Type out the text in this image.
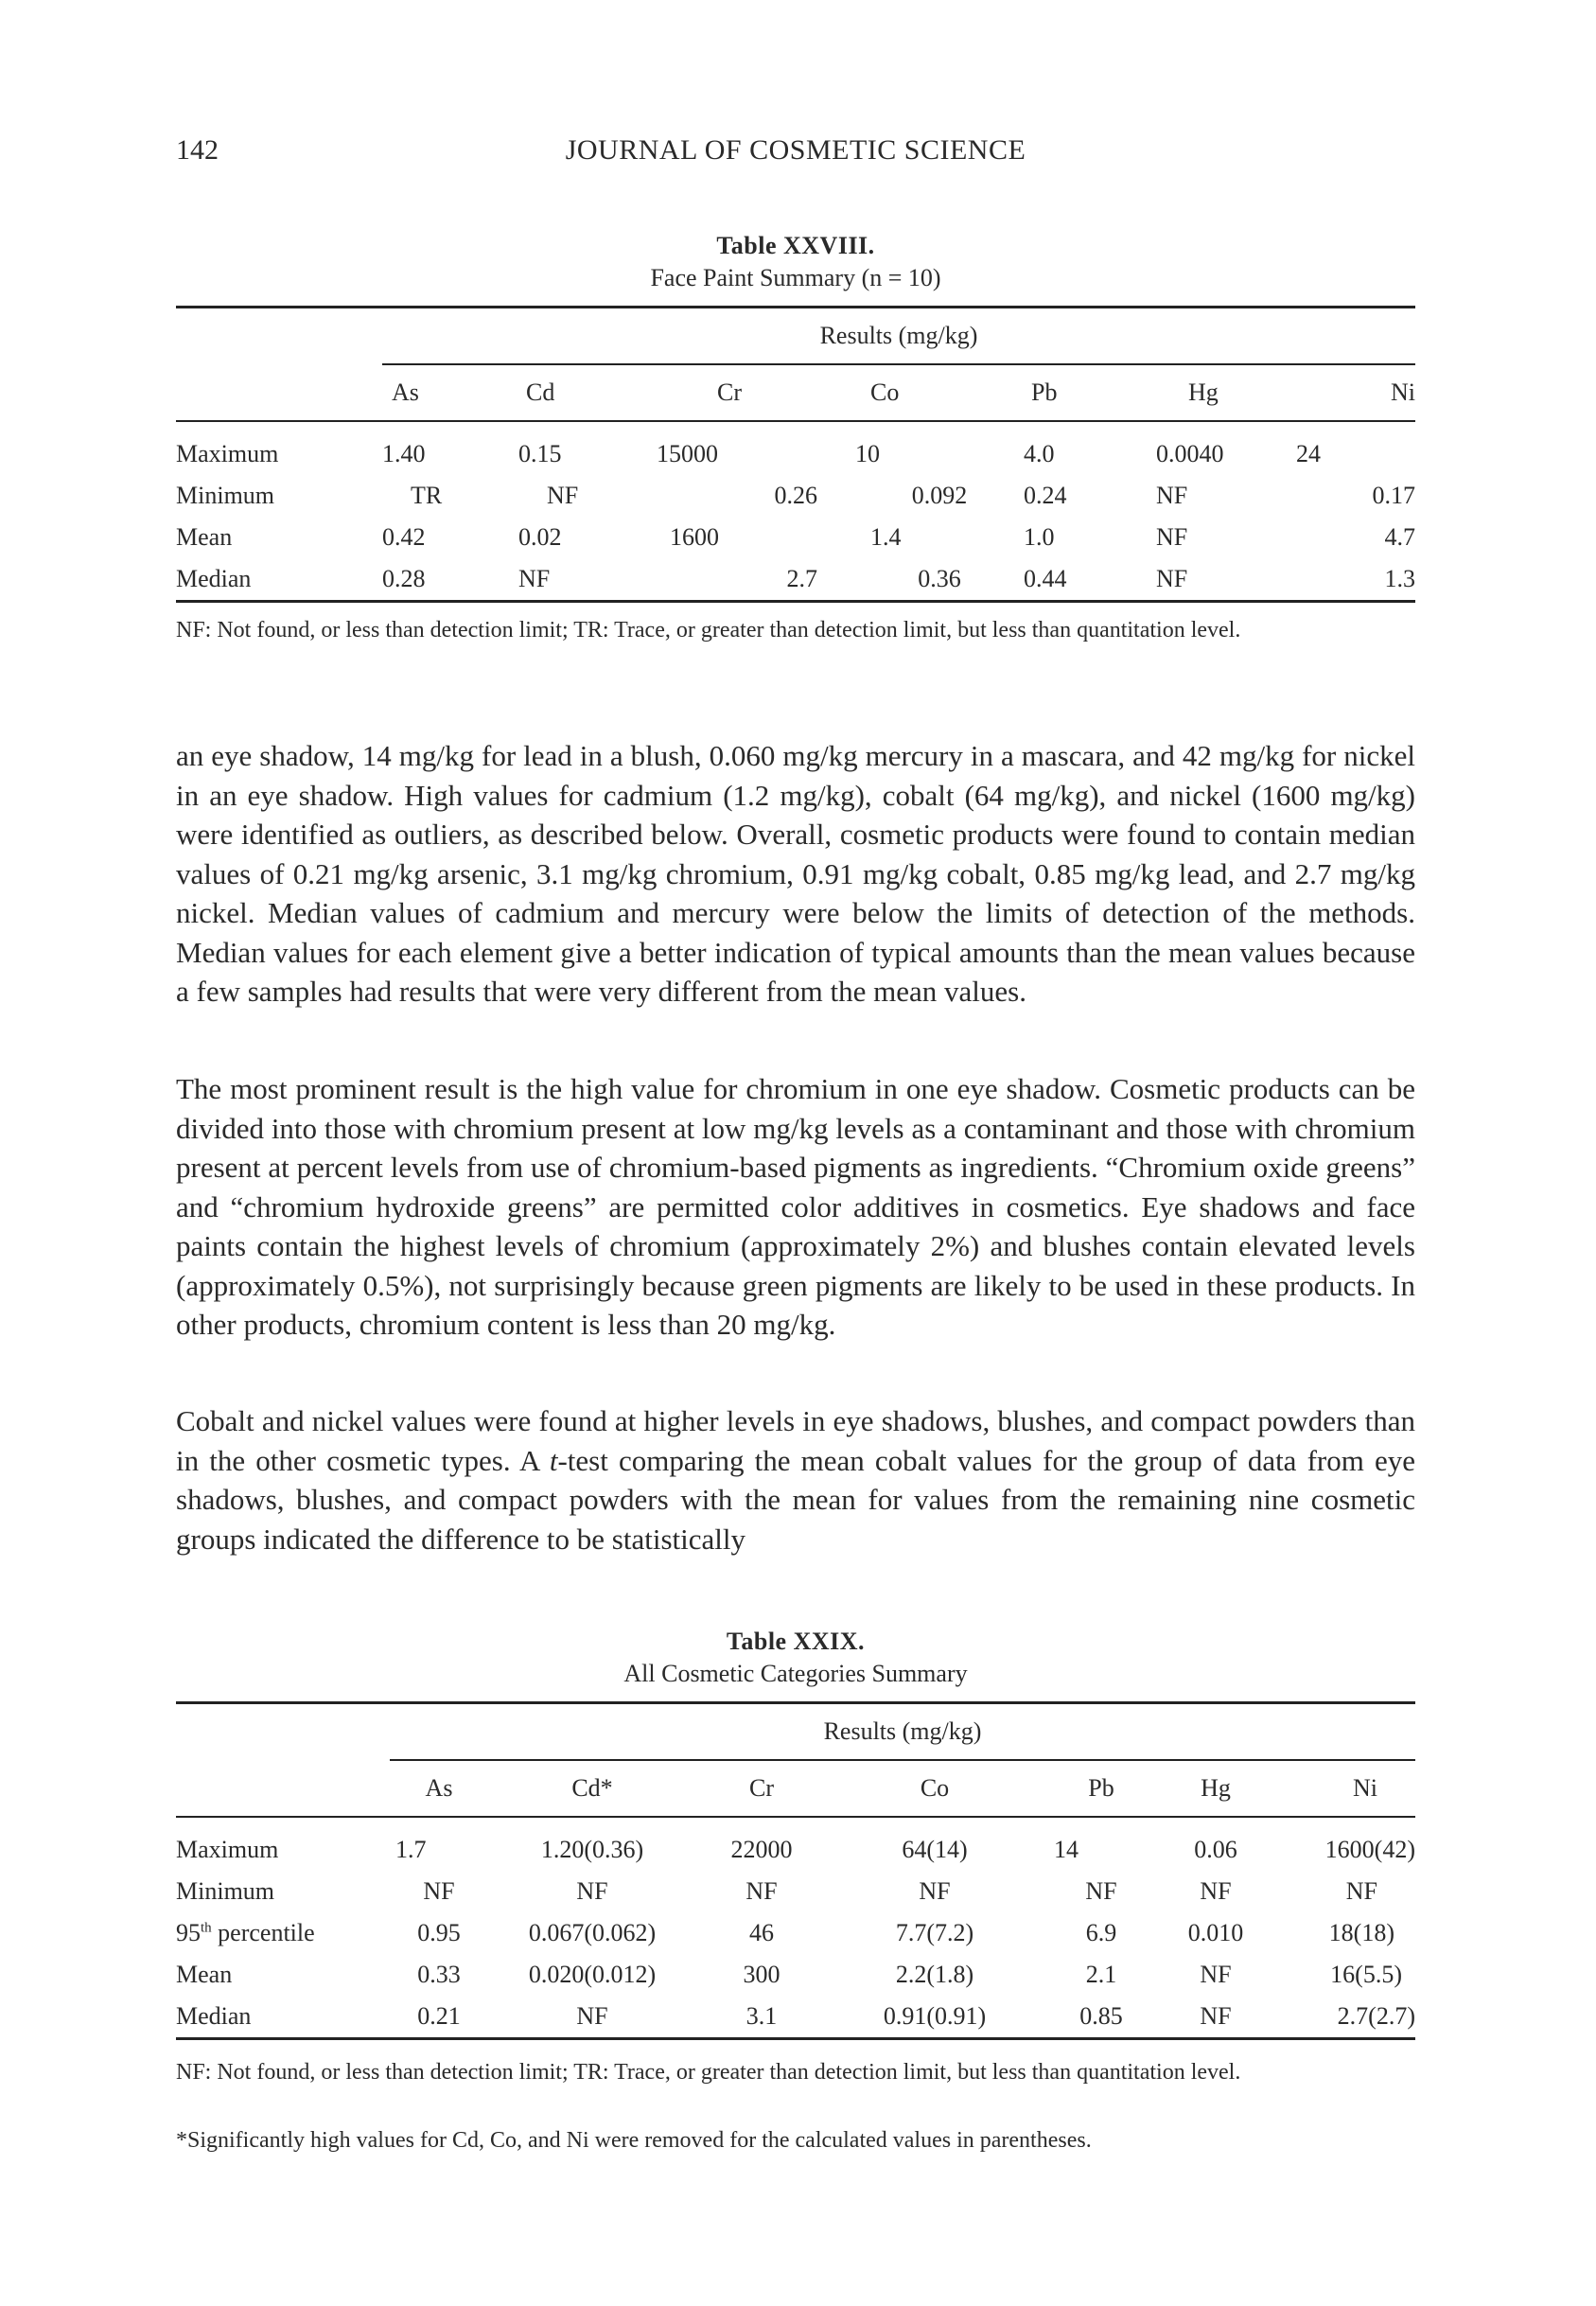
JOURNAL OF COSMETIC SCIENCE
142
Table XXVIII.
Face Paint Summary (n = 10)
	Results (mg/kg)						
	As	Cd	Cr	Co	Pb	Hg	Ni

Maximum	1.40	0.15	15000	10	4.0	0.0040	24
Minimum	TR	NF	0.26	0.092	0.24	NF	0.17
Mean	0.42	0.02	1600	1.4	1.0	NF	4.7
Median	0.28	NF	2.7	0.36	0.44	NF	1.3
NF: Not found, or less than detection limit; TR: Trace, or greater than detection limit, but less than quantitation level.
an eye shadow, 14 mg/kg for lead in a blush, 0.060 mg/kg mercury in a mascara, and 42 mg/kg for nickel in an eye shadow. High values for cadmium (1.2 mg/kg), cobalt (64 mg/kg), and nickel (1600 mg/kg) were identified as outliers, as described below. Overall, cosmetic products were found to contain median values of 0.21 mg/kg arsenic, 3.1 mg/kg chromium, 0.91 mg/kg cobalt, 0.85 mg/kg lead, and 2.7 mg/kg nickel. Median values of cadmium and mercury were below the limits of detection of the methods. Median values for each element give a better indication of typical amounts than the mean values because a few samples had results that were very different from the mean values.
The most prominent result is the high value for chromium in one eye shadow. Cosmetic products can be divided into those with chromium present at low mg/kg levels as a contaminant and those with chromium present at percent levels from use of chromium-based pigments as ingredients. “Chromium oxide greens” and “chromium hydroxide greens” are permitted color additives in cosmetics. Eye shadows and face paints contain the highest levels of chromium (approximately 2%) and blushes contain elevated levels (approximately 0.5%), not surprisingly because green pigments are likely to be used in these products. In other products, chromium content is less than 20 mg/kg.
Cobalt and nickel values were found at higher levels in eye shadows, blushes, and compact powders than in the other cosmetic types. A t-test comparing the mean cobalt values for the group of data from eye shadows, blushes, and compact powders with the mean for values from the remaining nine cosmetic groups indicated the difference to be statistically
Table XXIX.
All Cosmetic Categories Summary
	Results (mg/kg)						
	As	Cd*	Cr	Co	Pb	Hg	Ni

Maximum	1.7	1.20(0.36)	22000	64(14)	14	0.06	1600(42)
Minimum	NF	NF	NF	NF	NF	NF	NF
95th percentile	0.95	0.067(0.062)	46	7.7(7.2)	6.9	0.010	18(18)
Mean	0.33	0.020(0.012)	300	2.2(1.8)	2.1	NF	16(5.5)
Median	0.21	NF	3.1	0.91(0.91)	0.85	NF	2.7(2.7)
NF: Not found, or less than detection limit; TR: Trace, or greater than detection limit, but less than quantitation level.
*Significantly high values for Cd, Co, and Ni were removed for the calculated values in parentheses.
